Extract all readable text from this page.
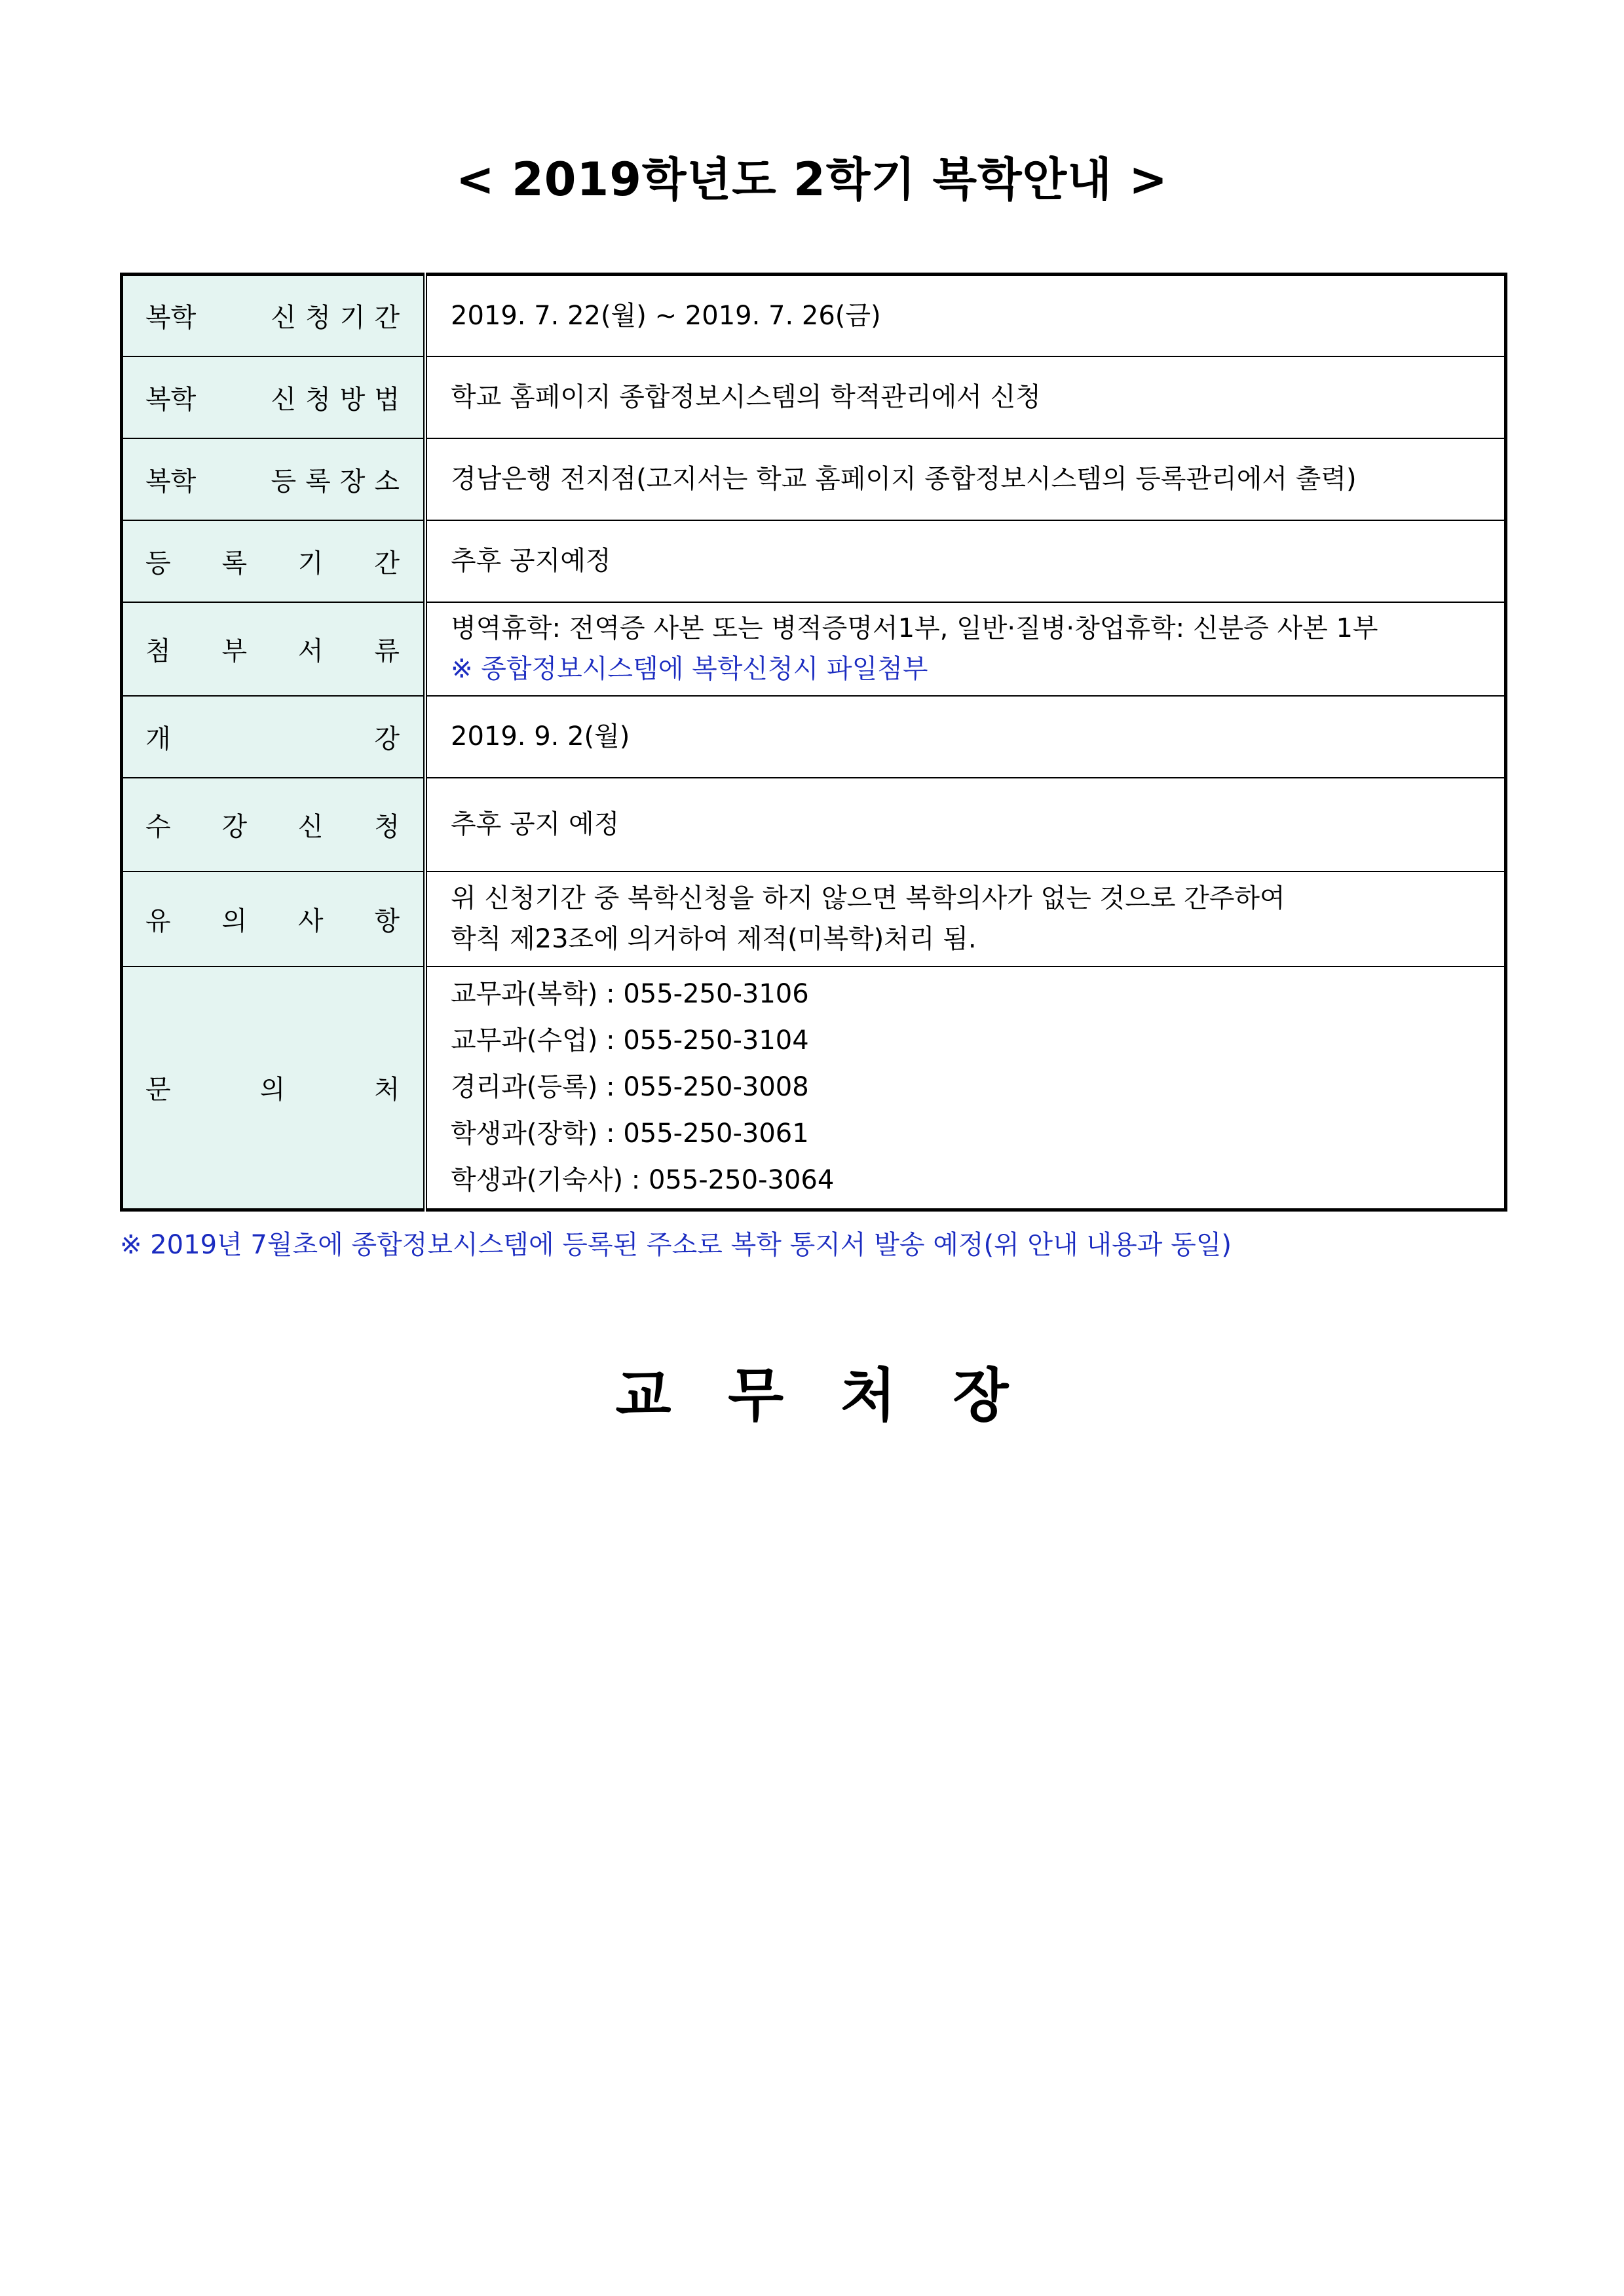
< 2019학년도 2학기 복학안내 >
복학 신청기간	2019. 7. 22(월) ~ 2019. 7. 26(금)

복학 신청방법	학교 홈페이지 종합정보시스템의 학적관리에서 신청

복학 등록장소	경남은행 전지점(고지서는 학교 홈페이지 종합정보시스템의 등록관리에서 출력)

등 록 기 간	추후 공지예정

첨 부 서 류	병역휴학: 전역증 사본 또는 병적증명서1부, 일반·질병·창업휴학: 신분증 사본 1부
※ 종합정보시스템에 복학신청시 파일첨부

개 강	2019. 9. 2(월)

수 강 신 청	추후 공지 예정

유 의 사 항	위 신청기간 중 복학신청을 하지 않으면 복학의사가 없는 것으로 간주하여
학칙 제23조에 의거하여 제적(미복학)처리 됨.

문 의 처	교무과(복학) : 055-250-3106
교무과(수업) : 055-250-3104
경리과(등록) : 055-250-3008
학생과(장학) : 055-250-3061
학생과(기숙사) : 055-250-3064
※ 2019년 7월초에 종합정보시스템에 등록된 주소로 복학 통지서 발송 예정(위 안내 내용과 동일)
교 무 처 장
